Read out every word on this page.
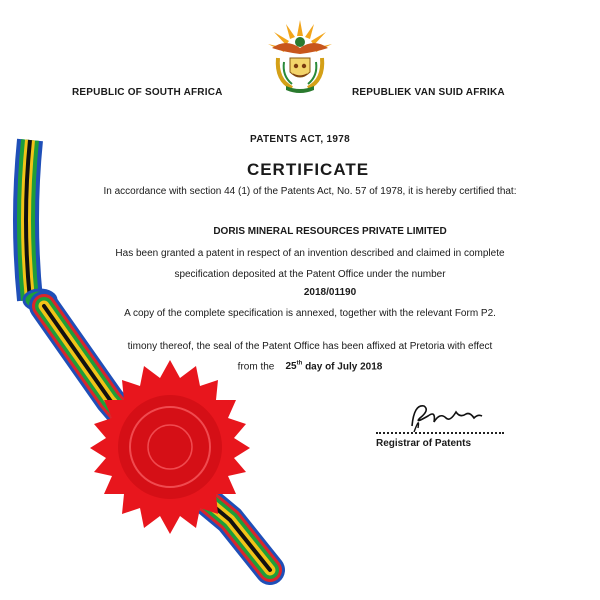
REPUBLIC OF SOUTH AFRICA	REPUBLIEK VAN SUID AFRIKA
PATENTS ACT, 1978
CERTIFICATE
In accordance with section 44 (1) of the Patents Act, No. 57 of 1978, it is hereby certified that:
DORIS MINERAL RESOURCES PRIVATE LIMITED
Has been granted a patent in respect of an invention described and claimed in complete
specification deposited at the Patent Office under the number
2018/01190
A copy of the complete specification is annexed, together with the relevant Form P2.
timony thereof, the seal of the Patent Office has been affixed at Pretoria with effect
from the 25th day of July 2018
Registrar of Patents
